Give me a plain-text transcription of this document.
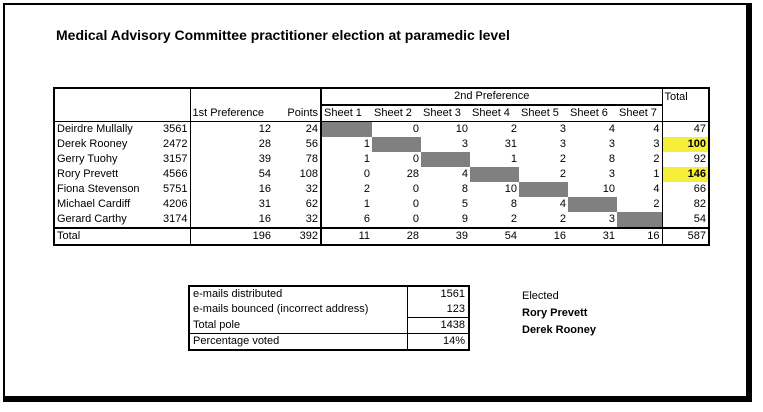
Medical Advisory Committee practitioner election at paramedic level
				2nd Preference							Total
		1st Preference	Points	Sheet 1	Sheet 2	Sheet 3	Sheet 4	Sheet 5	Sheet 6	Sheet 7	
Deirdre Mullally	3561	12	24		0	10	2	3	4	4	47
Derek Rooney	2472	28	56	1		3	31	3	3	3	100
Gerry Tuohy	3157	39	78	1	0		1	2	8	2	92
Rory Prevett	4566	54	108	0	28	4		2	3	1	146
Fiona Stevenson	5751	16	32	2	0	8	10		10	4	66
Michael Cardiff	4206	31	62	1	0	5	8	4		2	82
Gerard Carthy	3174	16	32	6	0	9	2	2	3		54
Total		196	392	11	28	39	54	16	31	16	587
e-mails distributed	1561
e-mails bounced (incorrect address)	123
Total pole	1438
Percentage voted	14%
Elected
Rory Prevett
Derek Rooney
